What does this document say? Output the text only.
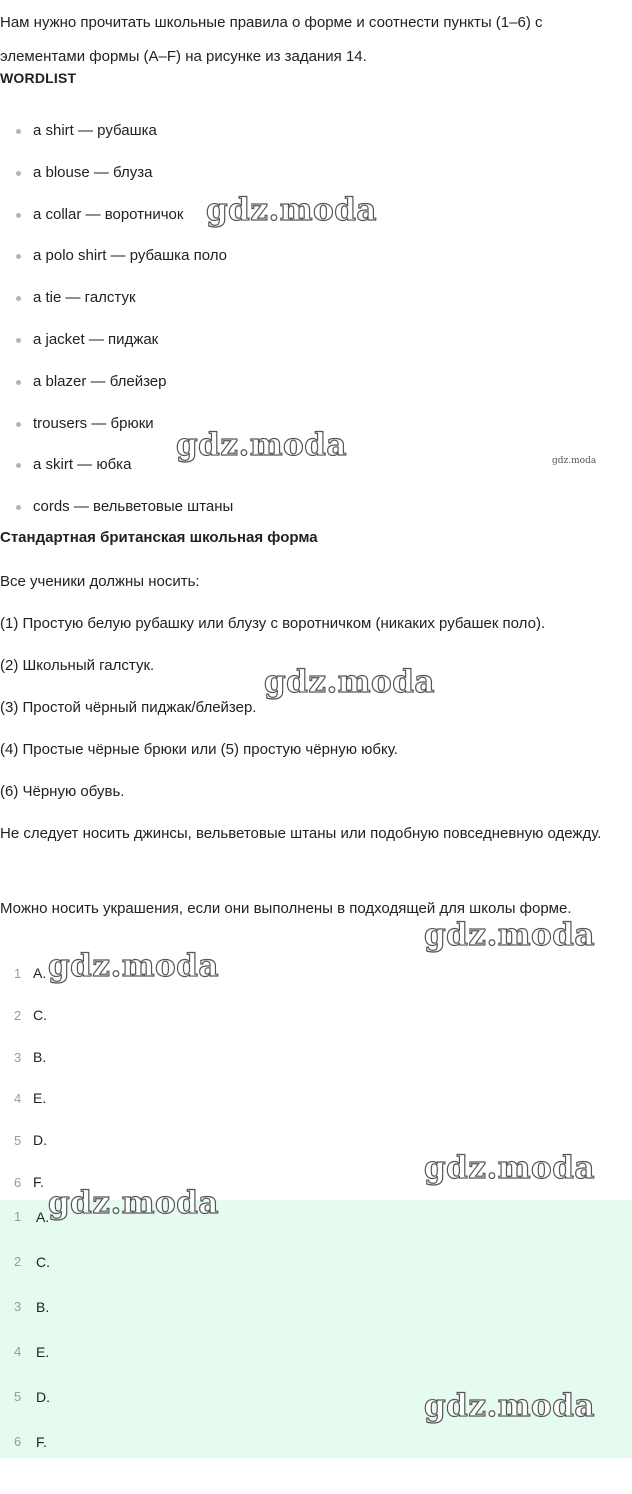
Нам нужно прочитать школьные правила о форме и соотнести пункты (1–6) с элементами формы (A–F) на рисунке из задания 14.

WORDLIST
a shirt — рубашка
a blouse — блуза
a collar — воротничок
a polo shirt — рубашка поло
a tie — галстук
a jacket — пиджак
a blazer — блейзер
trousers — брюки
a skirt — юбка
cords — вельветовые штаны
Стандартная британская школьная форма

Все ученики должны носить:

(1) Простую белую рубашку или блузу с воротничком (никаких рубашек поло).

(2) Школьный галстук.

(3) Простой чёрный пиджак/блейзер.

(4) Простые чёрные брюки или (5) простую чёрную юбку.

(6) Чёрную обувь.

Не следует носить джинсы, вельветовые штаны или подобную повседневную одежду.

Можно носить украшения, если они выполнены в подходящей для школы форме.

1 A.
2 C.
3 B.
4 E.
5 D.
6 F.
1 A.
2 C.
3 B.
4 E.
5 D.
6 F.
gdz.moda
gdz.moda	gdz.moda
gdz.moda
gdz.moda
gdz.moda
gdz.moda
gdz.moda
gdz.moda
